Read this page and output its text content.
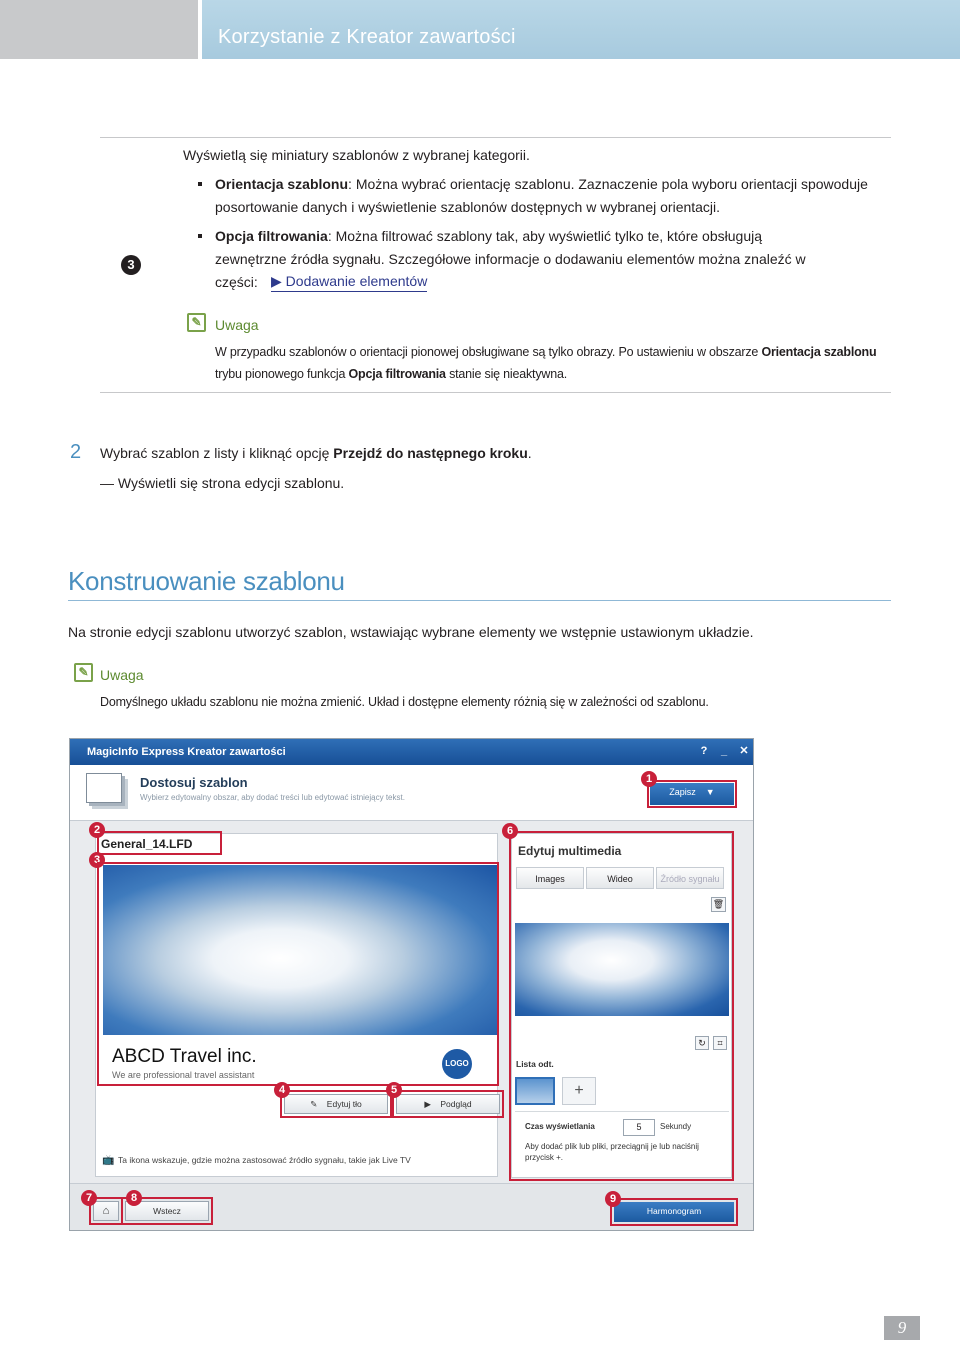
Korzystanie z Kreator zawartości
3
Wyświetlą się miniatury szablonów z wybranej kategorii.
Orientacja szablonu: Można wybrać orientację szablonu. Zaznaczenie pola wyboru orientacji spowoduje
posortowanie danych i wyświetlenie szablonów dostępnych w wybranej orientacji.
Opcja filtrowania: Można filtrować szablony tak, aby wyświetlić tylko te, które obsługują
zewnętrzne źródła sygnału. Szczegółowe informacje o dodawaniu elementów można znaleźć w
części: ▶ Dodawanie elementów
✎ Uwaga
W przypadku szablonów o orientacji pionowej obsługiwane są tylko obrazy. Po ustawieniu w obszarze Orientacja szablonu
trybu pionowego funkcja Opcja filtrowania stanie się nieaktywna.
2 Wybrać szablon z listy i kliknąć opcję Przejdź do następnego kroku.
― Wyświetli się strona edycji szablonu.
Konstruowanie szablonu
Na stronie edycji szablonu utworzyć szablon, wstawiając wybrane elementy we wstępnie ustawionym układzie.
✎ Uwaga
Domyślnego układu szablonu nie można zmienić. Układ i dostępne elementy różnią się w zależności od szablonu.
MagicInfo Express Kreator zawartości	?	_	✕
Dostosuj szablon
Wybierz edytowalny obszar, aby dodać treści lub edytować istniejący tekst.
Zapisz ▼
1
General_14.LFD
2
3
ABCD Travel inc.
We are professional travel assistant
LOGO
✎ Edytuj tło
4
▶ Podgląd
5
📺 Ta ikona wskazuje, gdzie można zastosować źródło sygnału, takie jak Live TV
6
Edytuj multimedia
Images	Wideo	Źródło sygnału
🗑
↻	⌗
Lista odt.
+
Czas wyświetlania	5	Sekundy
Aby dodać plik lub pliki, przeciągnij je lub naciśnij przycisk +.
⌂
7
Wstecz
8
Harmonogram
9
9
